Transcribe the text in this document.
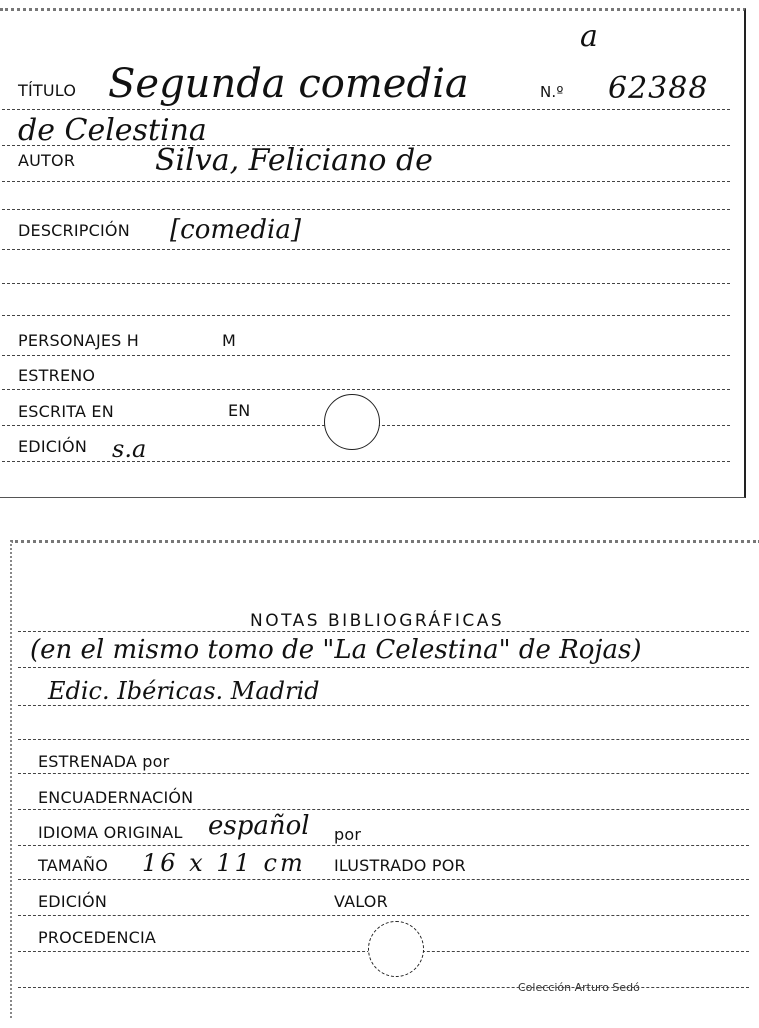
a
TÍTULO Segunda comedia	N.º 62388
de Celestina
AUTOR	Silva, Feliciano de
DESCRIPCIÓN [comedia]
PERSONAJES H	M
ESTRENO
ESCRITA EN	EN
EDICIÓN s.a
NOTAS BIBLIOGRÁFICAS
(en el mismo tomo de "La Celestina" de Rojas)
Edic. Ibéricas. Madrid
ESTRENADA por
ENCUADERNACIÓN
IDIOMA ORIGINAL español por
TAMAÑO 16 x 11 cm ILUSTRADO POR
EDICIÓN	VALOR
PROCEDENCIA
Colección Arturo Sedó
